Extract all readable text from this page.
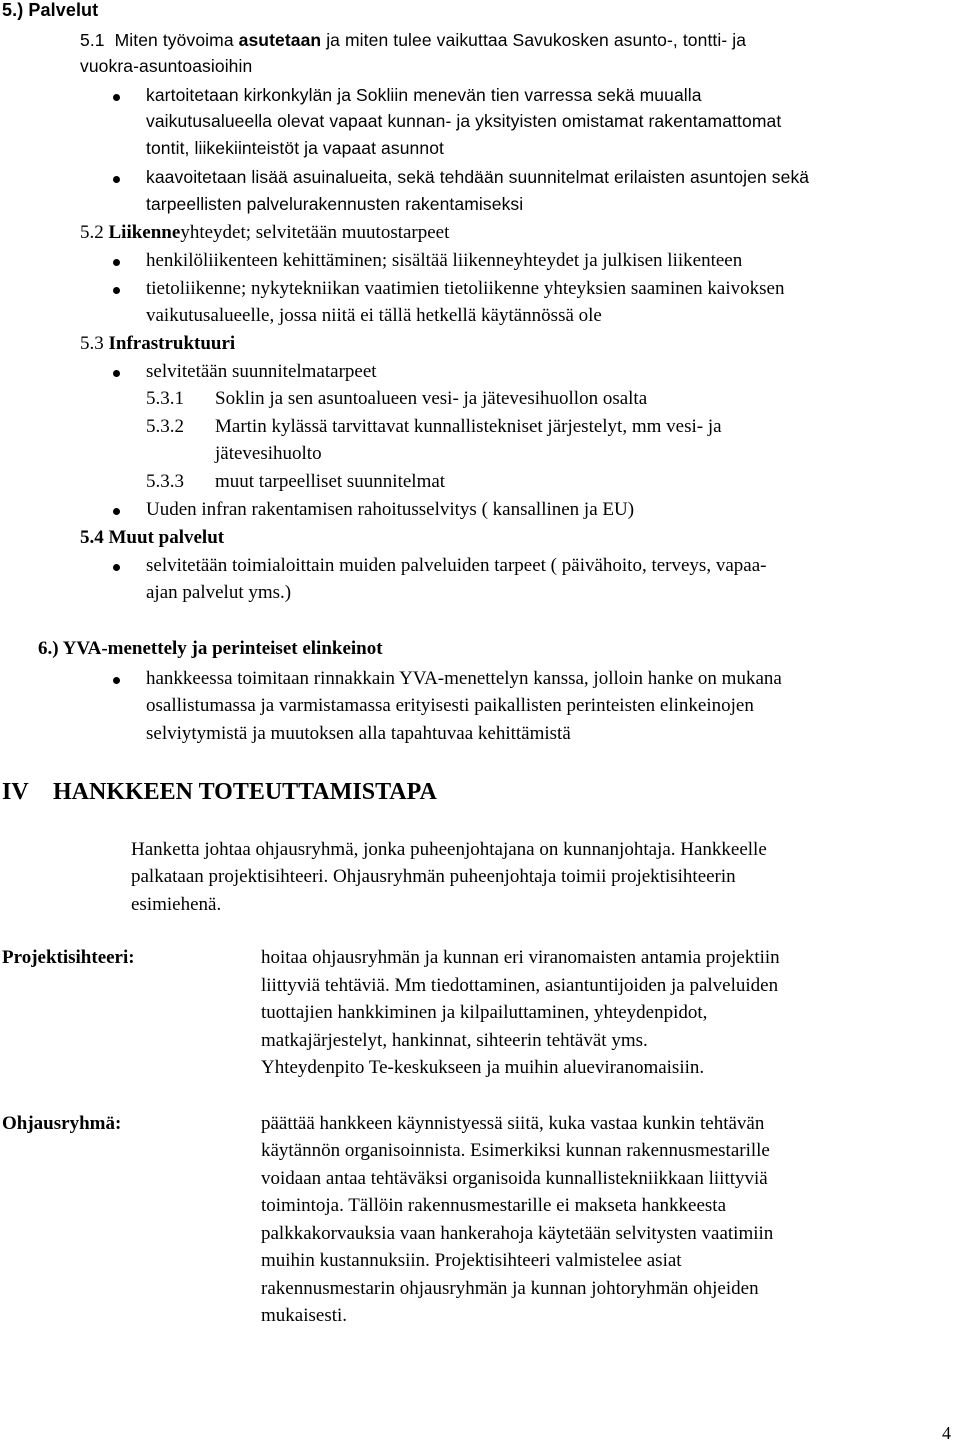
5.) Palvelut
5.1 Miten työvoima asutetaan ja miten tulee vaikuttaa Savukosken asunto-, tontti- ja
vuokra-asuntoasioihin
kartoitetaan kirkonkylän ja Sokliin menevän tien varressa sekä muualla
vaikutusalueella olevat vapaat kunnan- ja yksityisten omistamat rakentamattomat
tontit, liikekiinteistöt ja vapaat asunnot
kaavoitetaan lisää asuinalueita, sekä tehdään suunnitelmat erilaisten asuntojen sekä
tarpeellisten palvelurakennusten rakentamiseksi
5.2 Liikenneyhteydet; selvitetään muutostarpeet
henkilöliikenteen kehittäminen; sisältää liikenneyhteydet ja julkisen liikenteen
tietoliikenne; nykytekniikan vaatimien tietoliikenne yhteyksien saaminen kaivoksen
vaikutusalueelle, jossa niitä ei tällä hetkellä käytännössä ole
5.3 Infrastruktuuri
selvitetään suunnitelmatarpeet
5.3.1 Soklin ja sen asuntoalueen vesi- ja jätevesihuollon osalta
5.3.2 Martin kylässä tarvittavat kunnallistekniset järjestelyt, mm vesi- ja
jätevesihuolto
5.3.3 muut tarpeelliset suunnitelmat
Uuden infran rakentamisen rahoitusselvitys ( kansallinen ja EU)
5.4 Muut palvelut
selvitetään toimialoittain muiden palveluiden tarpeet ( päivähoito, terveys, vapaa-
ajan palvelut yms.)
6.) YVA-menettely ja perinteiset elinkeinot
hankkeessa toimitaan rinnakkain YVA-menettelyn kanssa, jolloin hanke on mukana
osallistumassa ja varmistamassa erityisesti paikallisten perinteisten elinkeinojen
selviytymistä ja muutoksen alla tapahtuvaa kehittämistä
IV HANKKEEN TOTEUTTAMISTAPA
Hanketta johtaa ohjausryhmä, jonka puheenjohtajana on kunnanjohtaja. Hankkeelle
palkataan projektisihteeri. Ohjausryhmän puheenjohtaja toimii projektisihteerin
esimiehenä.
Projektisihteeri:	hoitaa ohjausryhmän ja kunnan eri viranomaisten antamia projektiin
liittyviä tehtäviä. Mm tiedottaminen, asiantuntijoiden ja palveluiden
tuottajien hankkiminen ja kilpailuttaminen, yhteydenpidot,
matkajärjestelyt, hankinnat, sihteerin tehtävät yms.
Yhteydenpito Te-keskukseen ja muihin alueviranomaisiin.
Ohjausryhmä:	päättää hankkeen käynnistyessä siitä, kuka vastaa kunkin tehtävän
käytännön organisoinnista. Esimerkiksi kunnan rakennusmestarille
voidaan antaa tehtäväksi organisoida kunnallistekniikkaan liittyviä
toimintoja. Tällöin rakennusmestarille ei makseta hankkeesta
palkkakorvauksia vaan hankerahoja käytetään selvitysten vaatimiin
muihin kustannuksiin. Projektisihteeri valmistelee asiat
rakennusmestarin ohjausryhmän ja kunnan johtoryhmän ohjeiden
mukaisesti.
4
